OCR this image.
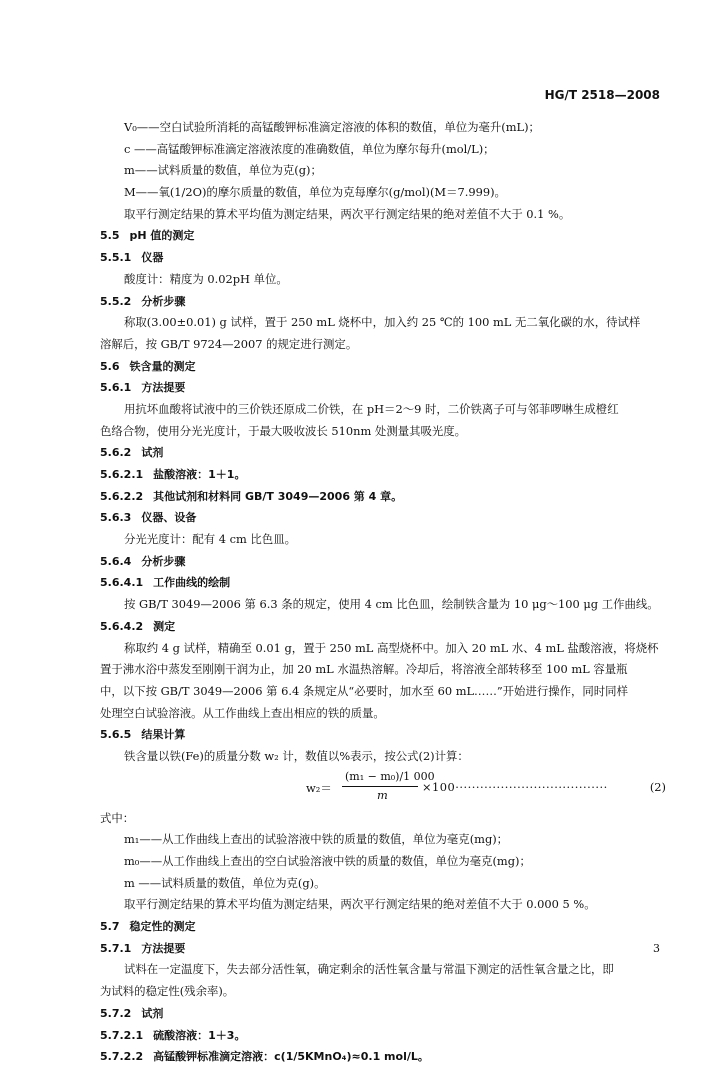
HG/T 2518—2008
V₀——空白试验所消耗的高锰酸钾标准滴定溶液的体积的数值，单位为毫升(mL)；
c ——高锰酸钾标准滴定溶液浓度的准确数值，单位为摩尔每升(mol/L)；
m——试料质量的数值，单位为克(g)；
M——氧(1/2O)的摩尔质量的数值，单位为克每摩尔(g/mol)(M＝7.999)。
取平行测定结果的算术平均值为测定结果，两次平行测定结果的绝对差值不大于 0.1 %。
5.5 pH 值的测定
5.5.1 仪器
酸度计：精度为 0.02pH 单位。
5.5.2 分析步骤
称取(3.00±0.01) g 试样，置于 250 mL 烧杯中，加入约 25 ℃的 100 mL 无二氧化碳的水，待试样
溶解后，按 GB/T 9724—2007 的规定进行测定。
5.6 铁含量的测定
5.6.1 方法提要
用抗坏血酸将试液中的三价铁还原成二价铁，在 pH＝2～9 时，二价铁离子可与邻菲啰啉生成橙红
色络合物，使用分光光度计，于最大吸收波长 510nm 处测量其吸光度。
5.6.2 试剂
5.6.2.1 盐酸溶液：1＋1。
5.6.2.2 其他试剂和材料同 GB/T 3049—2006 第 4 章。
5.6.3 仪器、设备
分光光度计：配有 4 cm 比色皿。
5.6.4 分析步骤
5.6.4.1 工作曲线的绘制
按 GB/T 3049—2006 第 6.3 条的规定，使用 4 cm 比色皿，绘制铁含量为 10 μg～100 μg 工作曲线。
5.6.4.2 测定
称取约 4 g 试样，精确至 0.01 g，置于 250 mL 高型烧杯中。加入 20 mL 水、4 mL 盐酸溶液，将烧杯
置于沸水浴中蒸发至刚刚干润为止，加 20 mL 水温热溶解。冷却后，将溶液全部转移至 100 mL 容量瓶
中，以下按 GB/T 3049—2006 第 6.4 条规定从“必要时，加水至 60 mL……”开始进行操作，同时同样
处理空白试验溶液。从工作曲线上查出相应的铁的质量。
5.6.5 结果计算
铁含量以铁(Fe)的质量分数 w₂ 计，数值以%表示，按公式(2)计算：
w₂＝
(m₁ − m₀)/1 000
m
(2)
×100·····································
式中：
m₁——从工作曲线上查出的试验溶液中铁的质量的数值，单位为毫克(mg)；
m₀——从工作曲线上查出的空白试验溶液中铁的质量的数值，单位为毫克(mg)；
m ——试料质量的数值，单位为克(g)。
取平行测定结果的算术平均值为测定结果，两次平行测定结果的绝对差值不大于 0.000 5 %。
5.7 稳定性的测定
5.7.1 方法提要
试料在一定温度下，失去部分活性氧，确定剩余的活性氧含量与常温下测定的活性氧含量之比，即
为试料的稳定性(残余率)。
5.7.2 试剂
5.7.2.1 硫酸溶液：1＋3。
5.7.2.2 高锰酸钾标准滴定溶液：c(1/5KMnO₄)≈0.1 mol/L。
3
